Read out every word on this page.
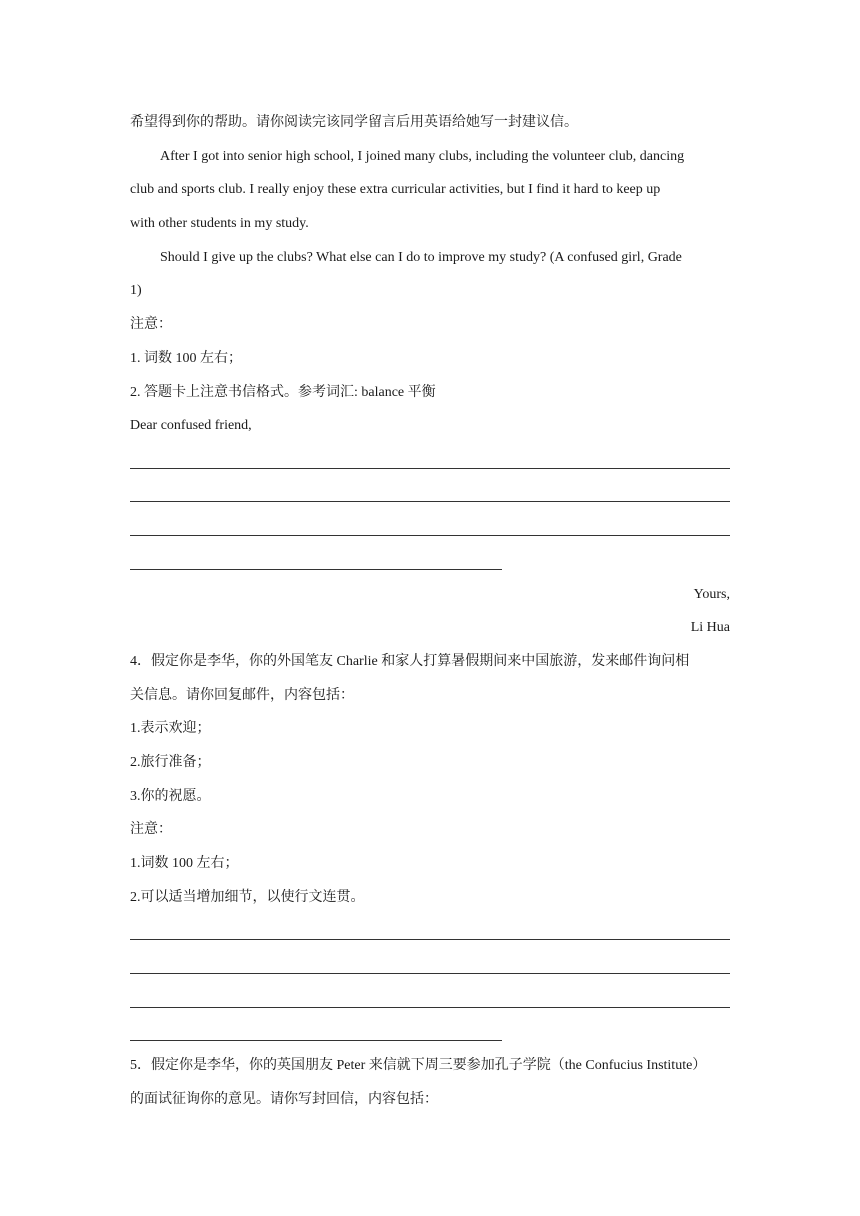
希望得到你的帮助。请你阅读完该同学留言后用英语给她写一封建议信。
After I got into senior high school, I joined many clubs, including the volunteer club, dancing
club and sports club. I really enjoy these extra curricular activities, but I find it hard to keep up
with other students in my study.
Should I give up the clubs? What else can I do to improve my study? (A confused girl, Grade
1)
注意：
1. 词数 100 左右；
2. 答题卡上注意书信格式。参考词汇: balance 平衡
Dear confused friend,
Yours,
Li Hua
4．假定你是李华，你的外国笔友 Charlie 和家人打算暑假期间来中国旅游，发来邮件询问相
关信息。请你回复邮件，内容包括：
1.表示欢迎；
2.旅行准备；
3.你的祝愿。
注意：
1.词数 100 左右；
2.可以适当增加细节，以使行文连贯。
5．假定你是李华，你的英国朋友 Peter 来信就下周三要参加孔子学院（the Confucius Institute）
的面试征询你的意见。请你写封回信，内容包括：
